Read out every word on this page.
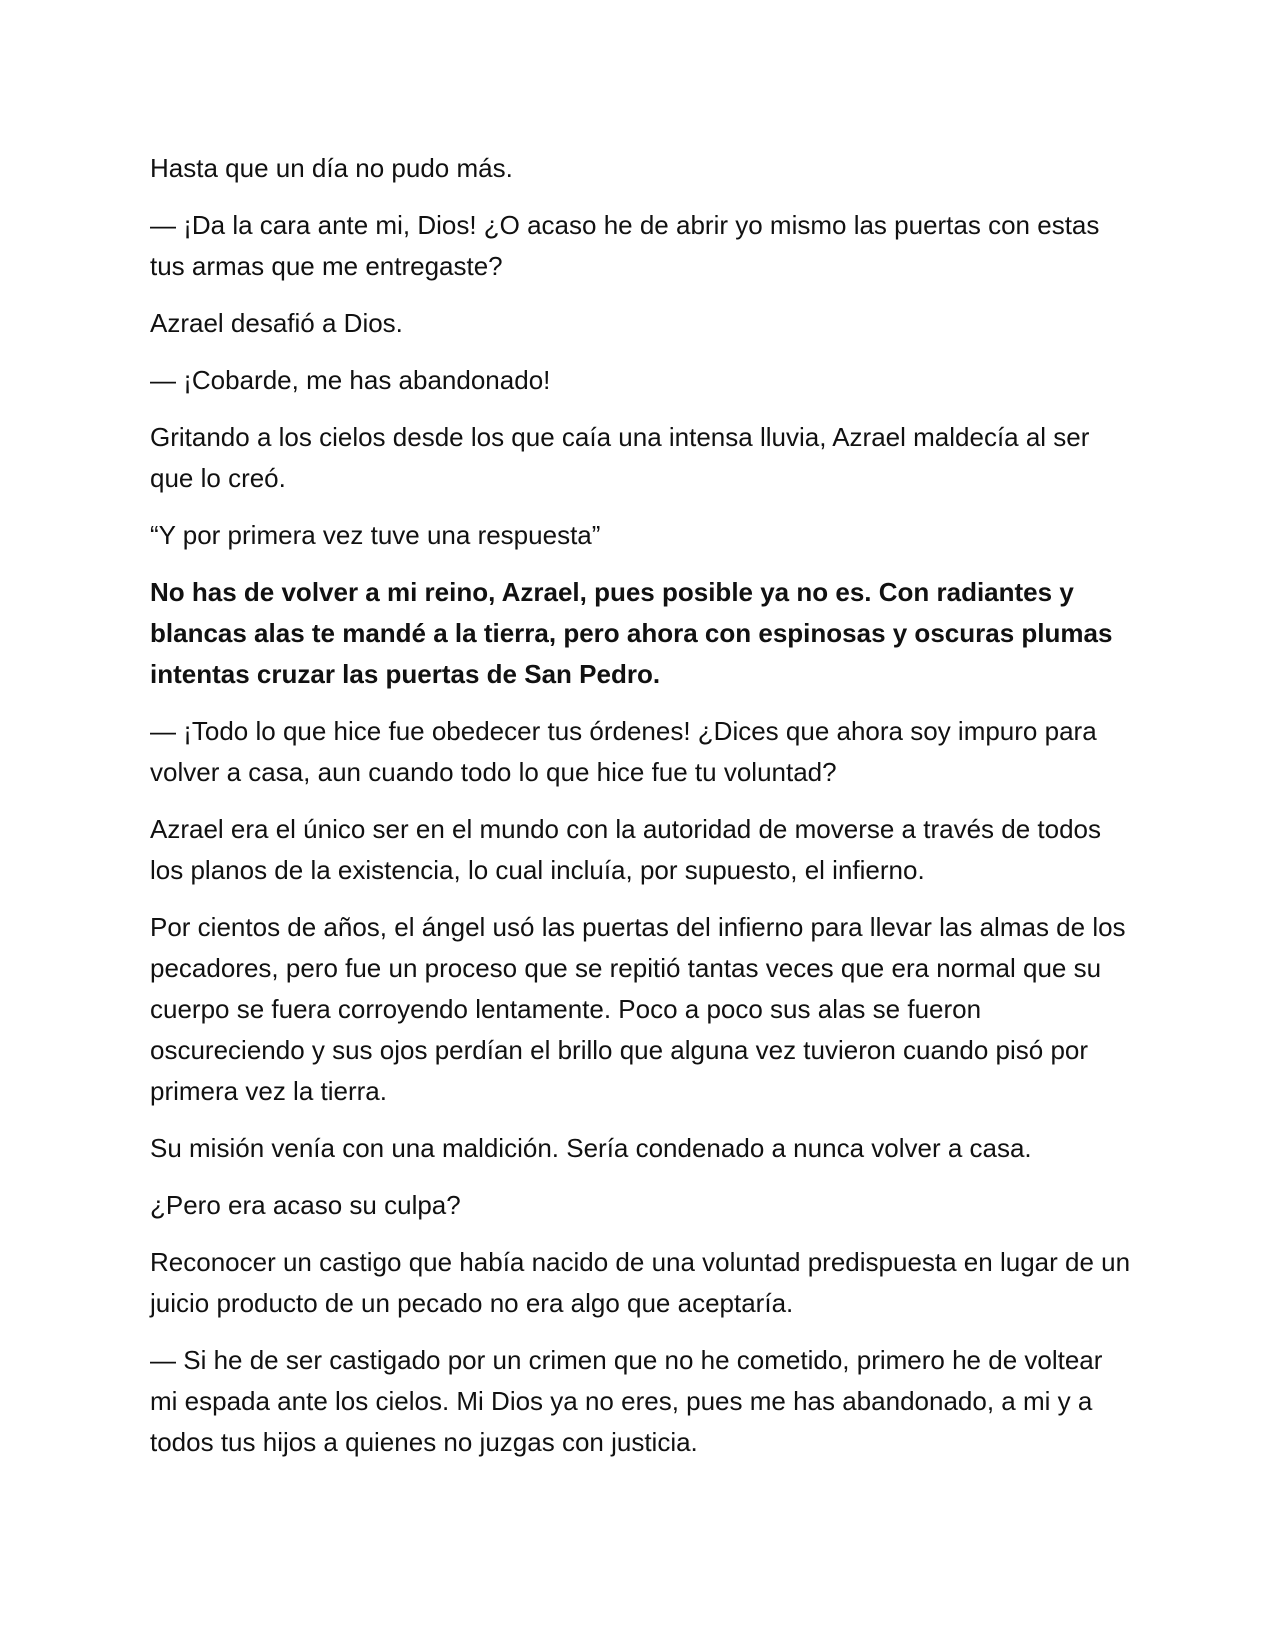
Hasta que un día no pudo más.

— ¡Da la cara ante mi, Dios! ¿O acaso he de abrir yo mismo las puertas con estas tus armas que me entregaste?

Azrael desafió a Dios.

— ¡Cobarde, me has abandonado!

Gritando a los cielos desde los que caía una intensa lluvia, Azrael maldecía al ser que lo creó.

“Y por primera vez tuve una respuesta”

No has de volver a mi reino, Azrael, pues posible ya no es. Con radiantes y blancas alas te mandé a la tierra, pero ahora con espinosas y oscuras plumas intentas cruzar las puertas de San Pedro.

— ¡Todo lo que hice fue obedecer tus órdenes! ¿Dices que ahora soy impuro para volver a casa, aun cuando todo lo que hice fue tu voluntad?

Azrael era el único ser en el mundo con la autoridad de moverse a través de todos los planos de la existencia, lo cual incluía, por supuesto, el infierno.

Por cientos de años, el ángel usó las puertas del infierno para llevar las almas de los pecadores, pero fue un proceso que se repitió tantas veces que era normal que su cuerpo se fuera corroyendo lentamente. Poco a poco sus alas se fueron oscureciendo y sus ojos perdían el brillo que alguna vez tuvieron cuando pisó por primera vez la tierra.

Su misión venía con una maldición. Sería condenado a nunca volver a casa.

¿Pero era acaso su culpa?

Reconocer un castigo que había nacido de una voluntad predispuesta en lugar de un juicio producto de un pecado no era algo que aceptaría.

— Si he de ser castigado por un crimen que no he cometido, primero he de voltear mi espada ante los cielos. Mi Dios ya no eres, pues me has abandonado, a mi y a todos tus hijos a quienes no juzgas con justicia.
